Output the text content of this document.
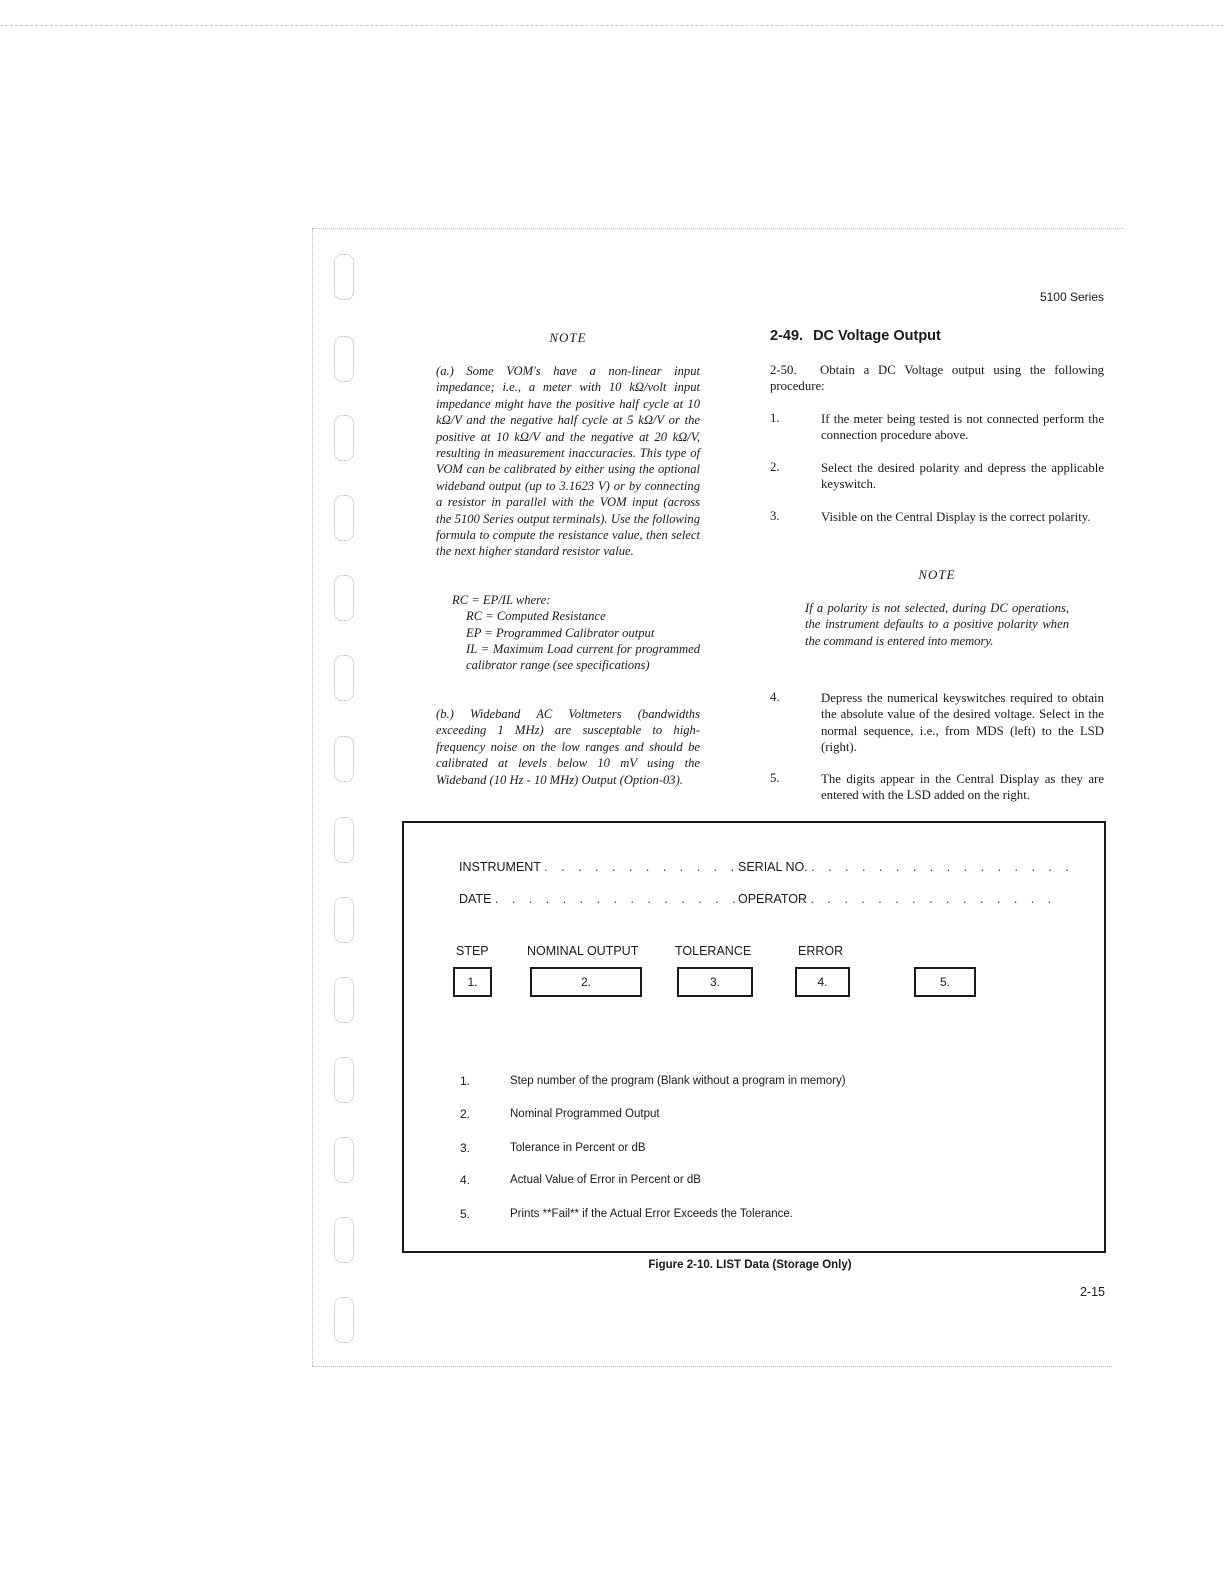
5100 Series
NOTE

(a.) Some VOM's have a non-linear input impedance; i.e., a meter with 10 kΩ/volt input impedance might have the positive half cycle at 10 kΩ/V and the negative half cycle at 5 kΩ/V or the positive at 10 kΩ/V and the negative at 20 kΩ/V, resulting in measurement inaccuracies. This type of VOM can be calibrated by either using the optional wideband output (up to 3.1623 V) or by connecting a resistor in parallel with the VOM input (across the 5100 Series output terminals). Use the following formula to compute the resistance value, then select the next higher standard resistor value.

RC = EP/IL where:

RC = Computed Resistance

EP = Programmed Calibrator output

IL = Maximum Load current for programmed calibrator range (see specifications)

(b.) Wideband AC Voltmeters (bandwidths exceeding 1 MHz) are susceptable to high-frequency noise on the low ranges and should be calibrated at levels below 10 mV using the Wideband (10 Hz - 10 MHz) Output (Option-03).

2-49. DC Voltage Output

2-50. Obtain a DC Voltage output using the following procedure:

1.	If the meter being tested is not connected perform the connection procedure above.

2.	Select the desired polarity and depress the applicable keyswitch.

3.	Visible on the Central Display is the correct polarity.

NOTE

If a polarity is not selected, during DC operations, the instrument defaults to a positive polarity when the command is entered into memory.

4.	Depress the numerical keyswitches required to obtain the absolute value of the desired voltage. Select in the normal sequence, i.e., from MDS (left) to the LSD (right).

5.	The digits appear in the Central Display as they are entered with the LSD added on the right.

INSTRUMENT . . . . . . . . . . . .
SERIAL NO. . . . . . . . . . . . . . . . .
DATE . . . . . . . . . . . . . . .
OPERATOR . . . . . . . . . . . . . . .
STEP	NOMINAL OUTPUT	TOLERANCE	ERROR
1.	2.	3.	4.	5.
1.	Step number of the program (Blank without a program in memory)
2.	Nominal Programmed Output
3.	Tolerance in Percent or dB
4.	Actual Value of Error in Percent or dB
5.	Prints **Fail** if the Actual Error Exceeds the Tolerance.
Figure 2-10. LIST Data (Storage Only)
2-15
